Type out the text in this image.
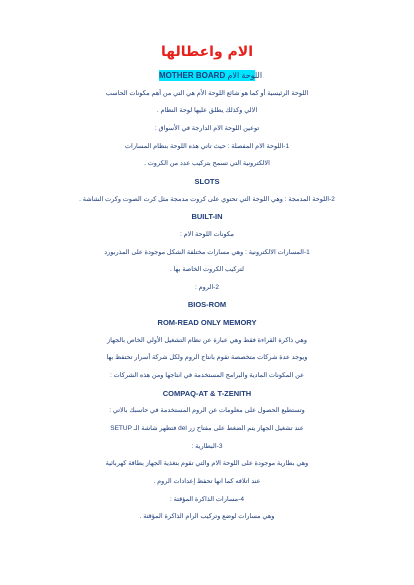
الام واعطالها
MOTHER BOARD اللوحة الام
اللوحة الرئيسية أو كما هو شائع اللوحة الأم هي التي من أهم مكونات الحاسب
الالي وكذلك يطلق عليها لوحة النظام .
توعين اللوحة الام الدارجة في الأسواق :
1-اللوحة الام المفصلة : حيث تاتي هذه اللوحة بنظام المسارات
الالكترونية التي تسمح بتركيب عدد من الكروت .
SLOTS
2-اللوحة المدمجة : وهي اللوحة التي تحتوي على كروت مدمجة مثل كرت الصوت وكرت الشاشة .
BUILT-IN
مكونات اللوحة الام :
1-المسارات الالكترونية : وهي مسارات مختلفة الشكل موجودة على المذربورد
لتركيب الكروت الخاصة بها .
2-الروم :
BIOS-ROM
ROM-READ ONLY MEMORY
وهي ذاكرة القراءة فقط وهي عبارة عن نظام التشغيل الأولي الخاص بالجهاز
ويوجد عدة شركات متخصصة تقوم بانتاج الروم ولكل شركة أسرار تحتفظ بها
عن المكونات المادية والبرامج المستخدمة في انتاجها ومن هذه الشركات :
COMPAQ-AT & T-ZENITH
وتستطيع الحصول على معلومات عن الروم المستخدمة في حاسبك بالاتي :
عند تشغيل الجهاز يتم الضغط على مفتاح زر del فتظهر شاشة الـ SETUP
3-البطارية :
وهي بطارية موجودة على اللوحة الام والتي تقوم بتغذية الجهاز بطاقة كهربائية
عند اتلافه كما انها تحفظ إعدادات الروم .
4-مسارات الذاكرة المؤقتة :
وهي مسارات لوضع وتركيب الرام الذاكرة المؤقتة .
